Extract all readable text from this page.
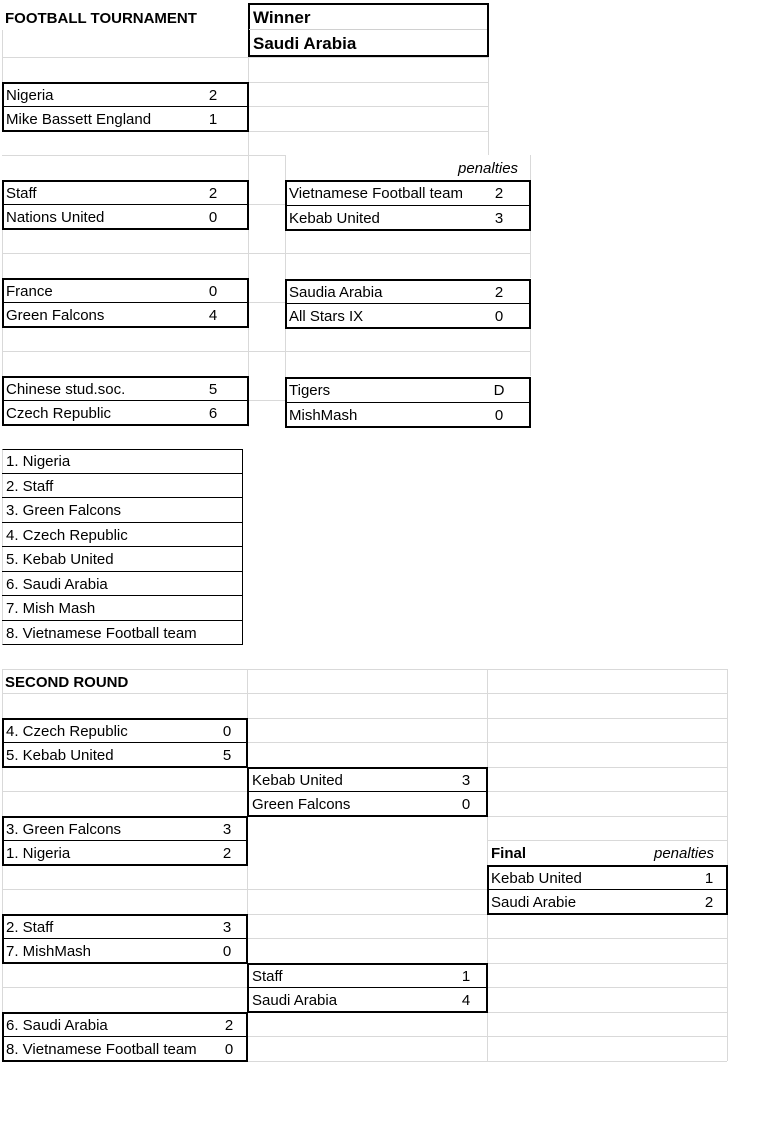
FOOTBALL TOURNAMENT	Winner
Saudi Arabia
Nigeria	2
Mike Bassett England	1
Staff	2
Nations United	0
France	0
Green Falcons	4
Chinese stud.soc.	5
Czech Republic	6
penalties
Vietnamese Football team	2
Kebab United	3
Saudia Arabia	2
All Stars IX	0
Tigers	D
MishMash	0
1. Nigeria
2. Staff
3. Green Falcons
4. Czech Republic
5. Kebab United
6. Saudi Arabia
7. Mish Mash
8. Vietnamese Football team
SECOND ROUND
4. Czech Republic	0
5. Kebab United	5
Kebab United	3
Green Falcons	0
3. Green Falcons	3
1. Nigeria	2	Final	penalties
Kebab United	1
Saudi Arabie	2
2. Staff	3
7. MishMash	0
Staff	1
Saudi Arabia	4
6. Saudi Arabia	2
8. Vietnamese Football team	0
